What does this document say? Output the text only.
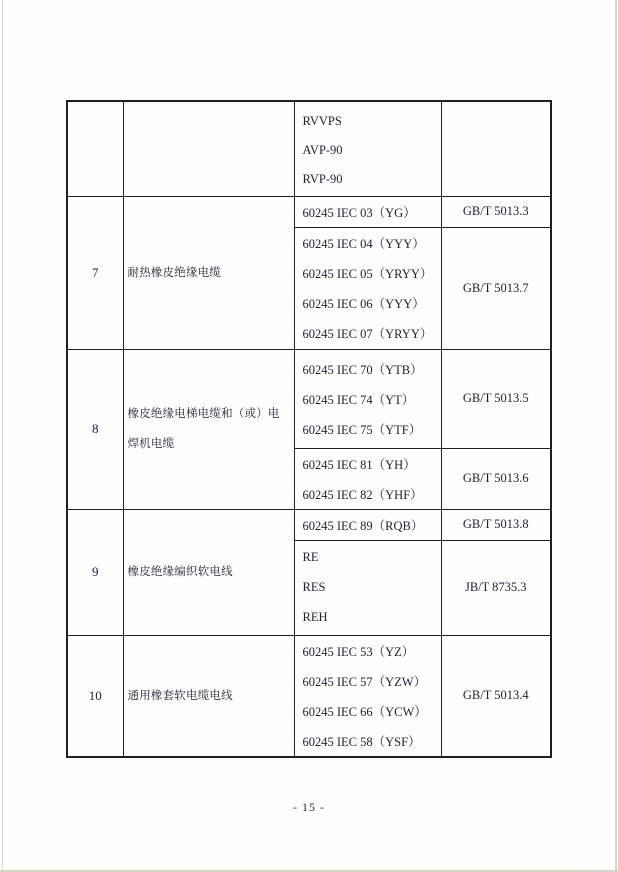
RVVPS
AVP-90
RVP-90	

7	耐热橡皮绝缘电缆	60245 IEC 03（YG）	GB/T 5013.3

60245 IEC 04（YYY）
60245 IEC 05（YRYY）
60245 IEC 06（YYY）
60245 IEC 07（YRYY）	GB/T 5013.7
8	橡皮绝缘电梯电缆和（或）电焊机电缆	60245 IEC 70（YTB）
60245 IEC 74（YT）
60245 IEC 75（YTF）	GB/T 5013.5

60245 IEC 81（YH）
60245 IEC 82（YHF）	GB/T 5013.6
9	橡皮绝缘编织软电线	60245 IEC 89（RQB）	GB/T 5013.8

RE
RES
REH	JB/T 8735.3
10	通用橡套软电缆电线	60245 IEC 53（YZ）
60245 IEC 57（YZW）
60245 IEC 66（YCW）
60245 IEC 58（YSF）	GB/T 5013.4
- 15 -
